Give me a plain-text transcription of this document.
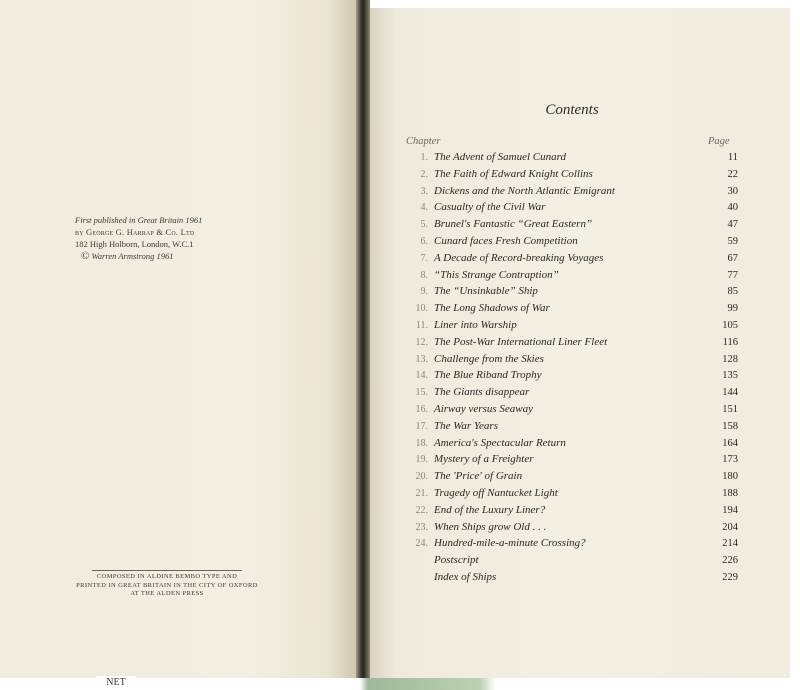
NET
First published in Great Britain 1961
by George G. Harrap & Co. Ltd
182 High Holborn, London, W.C.1
© Warren Armstrong 1961
COMPOSED IN ALDINE BEMBO TYPE AND
PRINTED IN GREAT BRITAIN IN THE CITY OF OXFORD
AT THE ALDEN PRESS
Contents
Chapter	Page
1. The Advent of Samuel Cunard	11
2. The Faith of Edward Knight Collins	22
3. Dickens and the North Atlantic Emigrant	30
4. Casualty of the Civil War	40
5. Brunel's Fantastic “Great Eastern”	47
6. Cunard faces Fresh Competition	59
7. A Decade of Record-breaking Voyages	67
8. “This Strange Contraption”	77
9. The “Unsinkable” Ship	85
10. The Long Shadows of War	99
11. Liner into Warship	105
12. The Post-War International Liner Fleet	116
13. Challenge from the Skies	128
14. The Blue Riband Trophy	135
15. The Giants disappear	144
16. Airway versus Seaway	151
17. The War Years	158
18. America's Spectacular Return	164
19. Mystery of a Freighter	173
20. The 'Price' of Grain	180
21. Tragedy off Nantucket Light	188
22. End of the Luxury Liner?	194
23. When Ships grow Old . . .	204
24. Hundred-mile-a-minute Crossing?	214
Postscript	226
Index of Ships	229
